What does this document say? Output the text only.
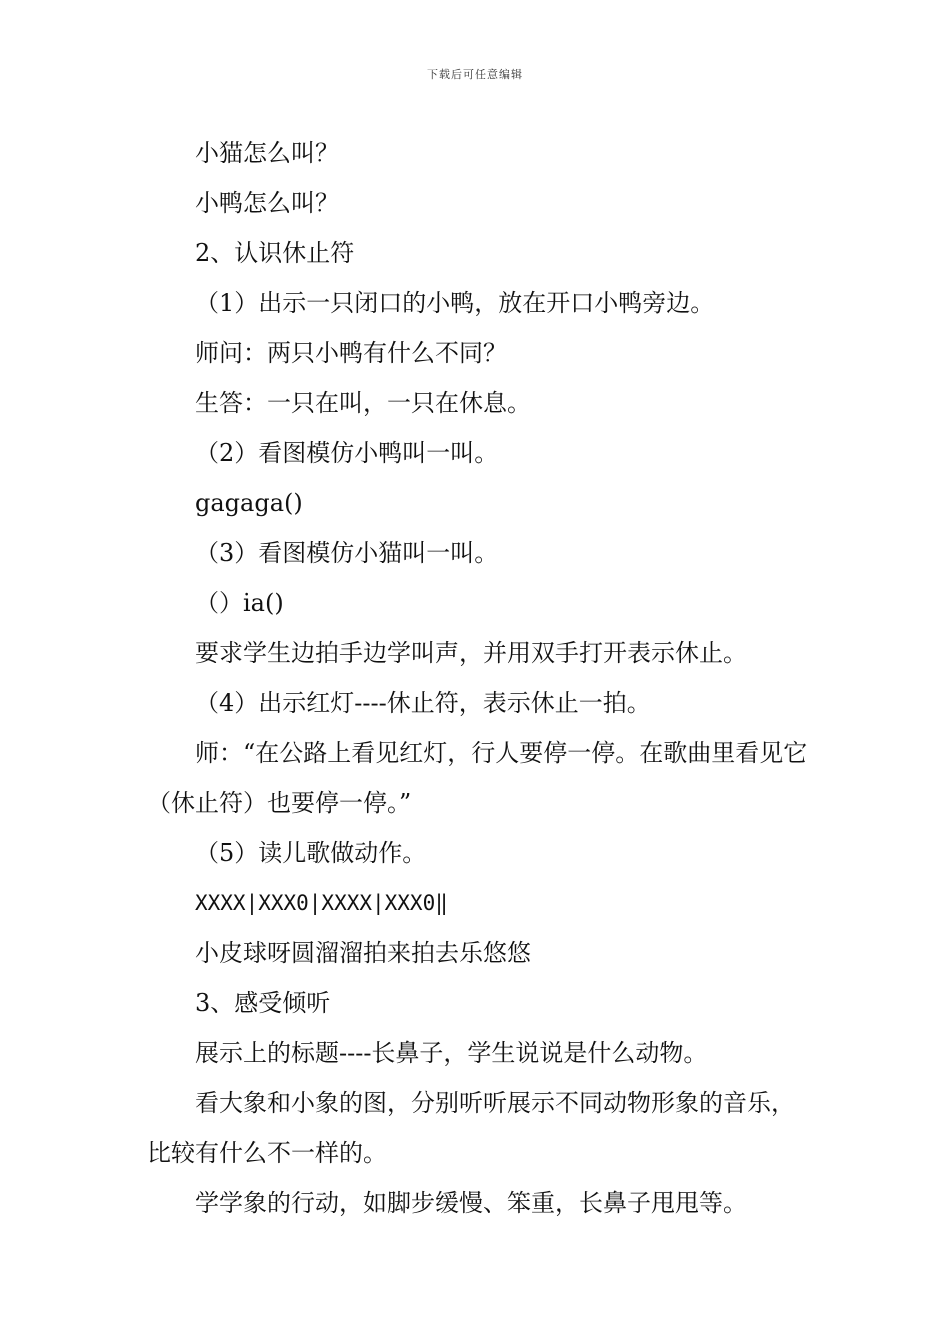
下载后可任意编辑
小猫怎么叫？
小鸭怎么叫？
2、认识休止符
（1）出示一只闭口的小鸭，放在开口小鸭旁边。
师问：两只小鸭有什么不同？
生答：一只在叫，一只在休息。
（2）看图模仿小鸭叫一叫。
gagaga()
（3）看图模仿小猫叫一叫。
（）ia()
要求学生边拍手边学叫声，并用双手打开表示休止。
（4）出示红灯----休止符，表示休止一拍。
师：“在公路上看见红灯，行人要停一停。在歌曲里看见它（休止符）也要停一停。”
（5）读儿歌做动作。
XXXX|XXX0|XXXX|XXX0‖
小皮球呀圆溜溜拍来拍去乐悠悠
3、感受倾听
展示上的标题----长鼻子，学生说说是什么动物。
看大象和小象的图，分别听听展示不同动物形象的音乐，比较有什么不一样的。
学学象的行动，如脚步缓慢、笨重，长鼻子甩甩等。
